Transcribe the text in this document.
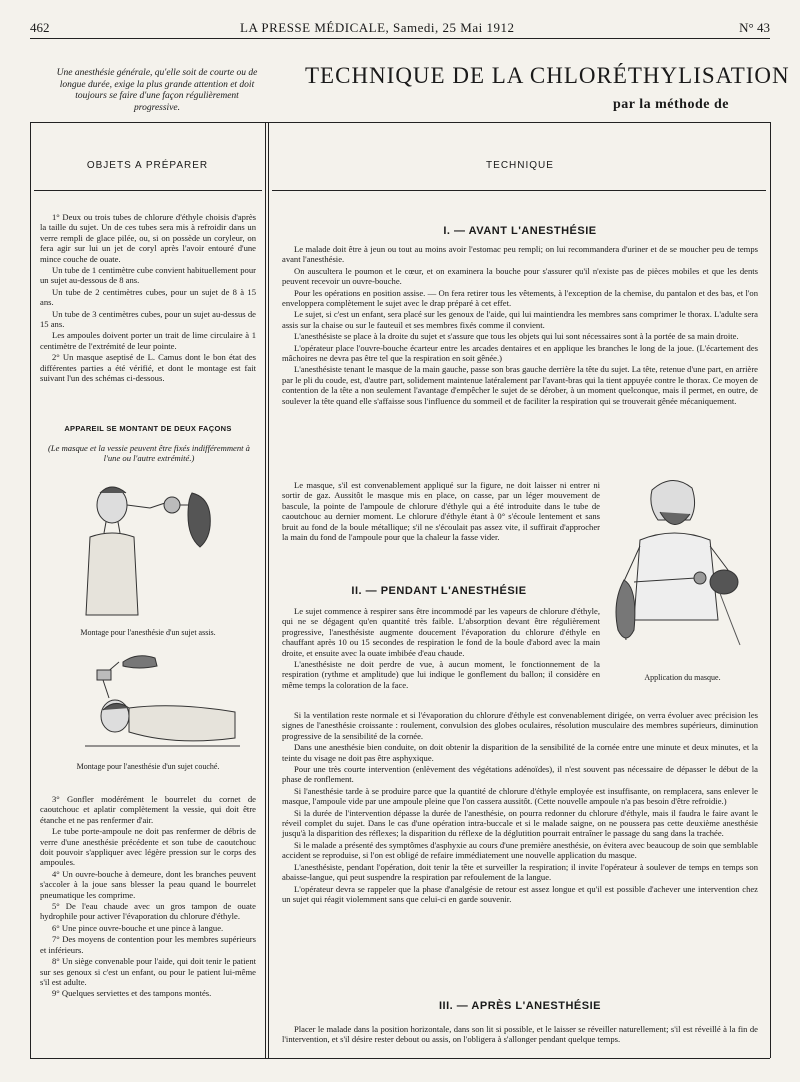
462	LA PRESSE MÉDICALE, Samedi, 25 Mai 1912	N° 43
Une anesthésie générale, qu'elle soit de courte ou de longue durée, exige la plus grande attention et doit toujours se faire d'une façon régulièrement progressive.
TECHNIQUE DE LA CHLORÉTHYLISATION
par la méthode de
OBJETS A PRÉPARER	TECHNIQUE

1° Deux ou trois tubes de chlorure d'éthyle choisis d'après la taille du sujet. Un de ces tubes sera mis à refroidir dans un verre rempli de glace pilée, ou, si on possède un coryleur, on fera agir sur lui un jet de coryl après l'avoir entouré d'une mince couche de ouate.

Un tube de 1 centimètre cube convient habituellement pour un sujet au-dessous de 8 ans.

Un tube de 2 centimètres cubes, pour un sujet de 8 à 15 ans.

Un tube de 3 centimètres cubes, pour un sujet au-dessus de 15 ans.

Les ampoules doivent porter un trait de lime circulaire à 1 centimètre de l'extrémité de leur pointe.

2° Un masque aseptisé de L. Camus dont le bon état des différentes parties a été vérifié, et dont le montage est fait suivant l'un des schémas ci-dessous.

APPAREIL SE MONTANT DE DEUX FAÇONS
(Le masque et la vessie peuvent être fixés indifféremment à l'une ou l'autre extrémité.)
Montage pour l'anesthésie d'un sujet assis.
Montage pour l'anesthésie d'un sujet couché.

3° Gonfler modérément le bourrelet du cornet de caoutchouc et aplatir complètement la vessie, qui doit être étanche et ne pas renfermer d'air.

Le tube porte-ampoule ne doit pas renfermer de débris de verre d'une anesthésie précédente et son tube de caoutchouc doit pouvoir s'appliquer avec légère pression sur le corps des ampoules.

4° Un ouvre-bouche à demeure, dont les branches peuvent s'accoler à la joue sans blesser la peau quand le bourrelet pneumatique les comprime.

5° De l'eau chaude avec un gros tampon de ouate hydrophile pour activer l'évaporation du chlorure d'éthyle.

6° Une pince ouvre-bouche et une pince à langue.

7° Des moyens de contention pour les membres supérieurs et inférieurs.

8° Un siège convenable pour l'aide, qui doit tenir le patient sur ses genoux si c'est un enfant, ou pour le patient lui-même s'il est adulte.

9° Quelques serviettes et des tampons montés.

I. — AVANT L'ANESTHÉSIE

Le malade doit être à jeun ou tout au moins avoir l'estomac peu rempli; on lui recommandera d'uriner et de se moucher peu de temps avant l'anesthésie.

On auscultera le poumon et le cœur, et on examinera la bouche pour s'assurer qu'il n'existe pas de pièces mobiles et que les dents peuvent recevoir un ouvre-bouche.

Pour les opérations en position assise. — On fera retirer tous les vêtements, à l'exception de la chemise, du pantalon et des bas, et l'on enveloppera complètement le sujet avec le drap préparé à cet effet.

Le sujet, si c'est un enfant, sera placé sur les genoux de l'aide, qui lui maintiendra les membres sans comprimer le thorax. L'adulte sera assis sur la chaise ou sur le fauteuil et ses membres fixés comme il convient.

L'anesthésiste se place à la droite du sujet et s'assure que tous les objets qui lui sont nécessaires sont à la portée de sa main droite.

L'opérateur place l'ouvre-bouche écarteur entre les arcades dentaires et en applique les branches le long de la joue. (L'écartement des mâchoires ne devra pas être tel que la respiration en soit gênée.)

L'anesthésiste tenant le masque de la main gauche, passe son bras gauche derrière la tête du sujet. La tête, retenue d'une part, en arrière par le pli du coude, est, d'autre part, solidement maintenue latéralement par l'avant-bras qui la tient appuyée contre le thorax. Ce moyen de contention de la tête a non seulement l'avantage d'empêcher le sujet de se dérober, à un moment quelconque, mais il permet, en outre, de soulever la tête quand elle s'affaisse sous l'influence du sommeil et de faciliter la respiration qui se trouverait gênée mécaniquement.

Le masque, s'il est convenablement appliqué sur la figure, ne doit laisser ni entrer ni sortir de gaz. Aussitôt le masque mis en place, on casse, par un léger mouvement de bascule, la pointe de l'ampoule de chlorure d'éthyle qui a été introduite dans le tube de caoutchouc au dernier moment. Le chlorure d'éthyle étant à 0° s'écoule lentement et sans bruit au fond de la boule métallique; s'il ne s'écoulait pas assez vite, il suffirait d'approcher la main du fond de l'ampoule pour que la chaleur la fasse vider.

Application du masque.
II. — PENDANT L'ANESTHÉSIE

Le sujet commence à respirer sans être incommodé par les vapeurs de chlorure d'éthyle, qui ne se dégagent qu'en quantité très faible. L'absorption devant être régulièrement progressive, l'anesthésiste augmente doucement l'évaporation du chlorure d'éthyle en chauffant après 10 ou 15 secondes de respiration le fond de la boule d'abord avec la main droite, et ensuite avec la ouate imbibée d'eau chaude.

L'anesthésiste ne doit perdre de vue, à aucun moment, le fonctionnement de la respiration (rythme et amplitude) que lui indique le gonflement du ballon; il considère en même temps la coloration de la face.

Si la ventilation reste normale et si l'évaporation du chlorure d'éthyle est convenablement dirigée, on verra évoluer avec précision les signes de l'anesthésie croissante : roulement, convulsion des globes oculaires, résolution musculaire des membres supérieurs, diminution progressive de la sensibilité de la cornée.

Dans une anesthésie bien conduite, on doit obtenir la disparition de la sensibilité de la cornée entre une minute et deux minutes, et la teinte du visage ne doit pas être asphyxique.

Pour une très courte intervention (enlèvement des végétations adénoïdes), il n'est souvent pas nécessaire de dépasser le début de la phase de ronflement.

Si l'anesthésie tarde à se produire parce que la quantité de chlorure d'éthyle employée est insuffisante, on remplacera, sans enlever le masque, l'ampoule vide par une ampoule pleine que l'on cassera aussitôt. (Cette nouvelle ampoule n'a pas besoin d'être refroidie.)

Si la durée de l'intervention dépasse la durée de l'anesthésie, on pourra redonner du chlorure d'éthyle, mais il faudra le faire avant le réveil complet du sujet. Dans le cas d'une opération intra-buccale et si le malade saigne, on ne poussera pas cette deuxième anesthésie jusqu'à la disparition des réflexes; la disparition du réflexe de la déglutition pourrait entraîner le passage du sang dans la trachée.

Si le malade a présenté des symptômes d'asphyxie au cours d'une première anesthésie, on évitera avec beaucoup de soin que semblable accident se reproduise, si l'on est obligé de refaire immédiatement une nouvelle application du masque.

L'anesthésiste, pendant l'opération, doit tenir la tête et surveiller la respiration; il invite l'opérateur à soulever de temps en temps son abaisse-langue, qui peut suspendre la respiration par refoulement de la langue.

L'opérateur devra se rappeler que la phase d'analgésie de retour est assez longue et qu'il est possible d'achever une intervention chez un sujet qui réagit violemment sans que celui-ci en garde souvenir.

III. — APRÈS L'ANESTHÉSIE

Placer le malade dans la position horizontale, dans son lit si possible, et le laisser se réveiller naturellement; s'il est réveillé à la fin de l'intervention, et s'il désire rester debout ou assis, on l'obligera à s'allonger pendant quelque temps.
